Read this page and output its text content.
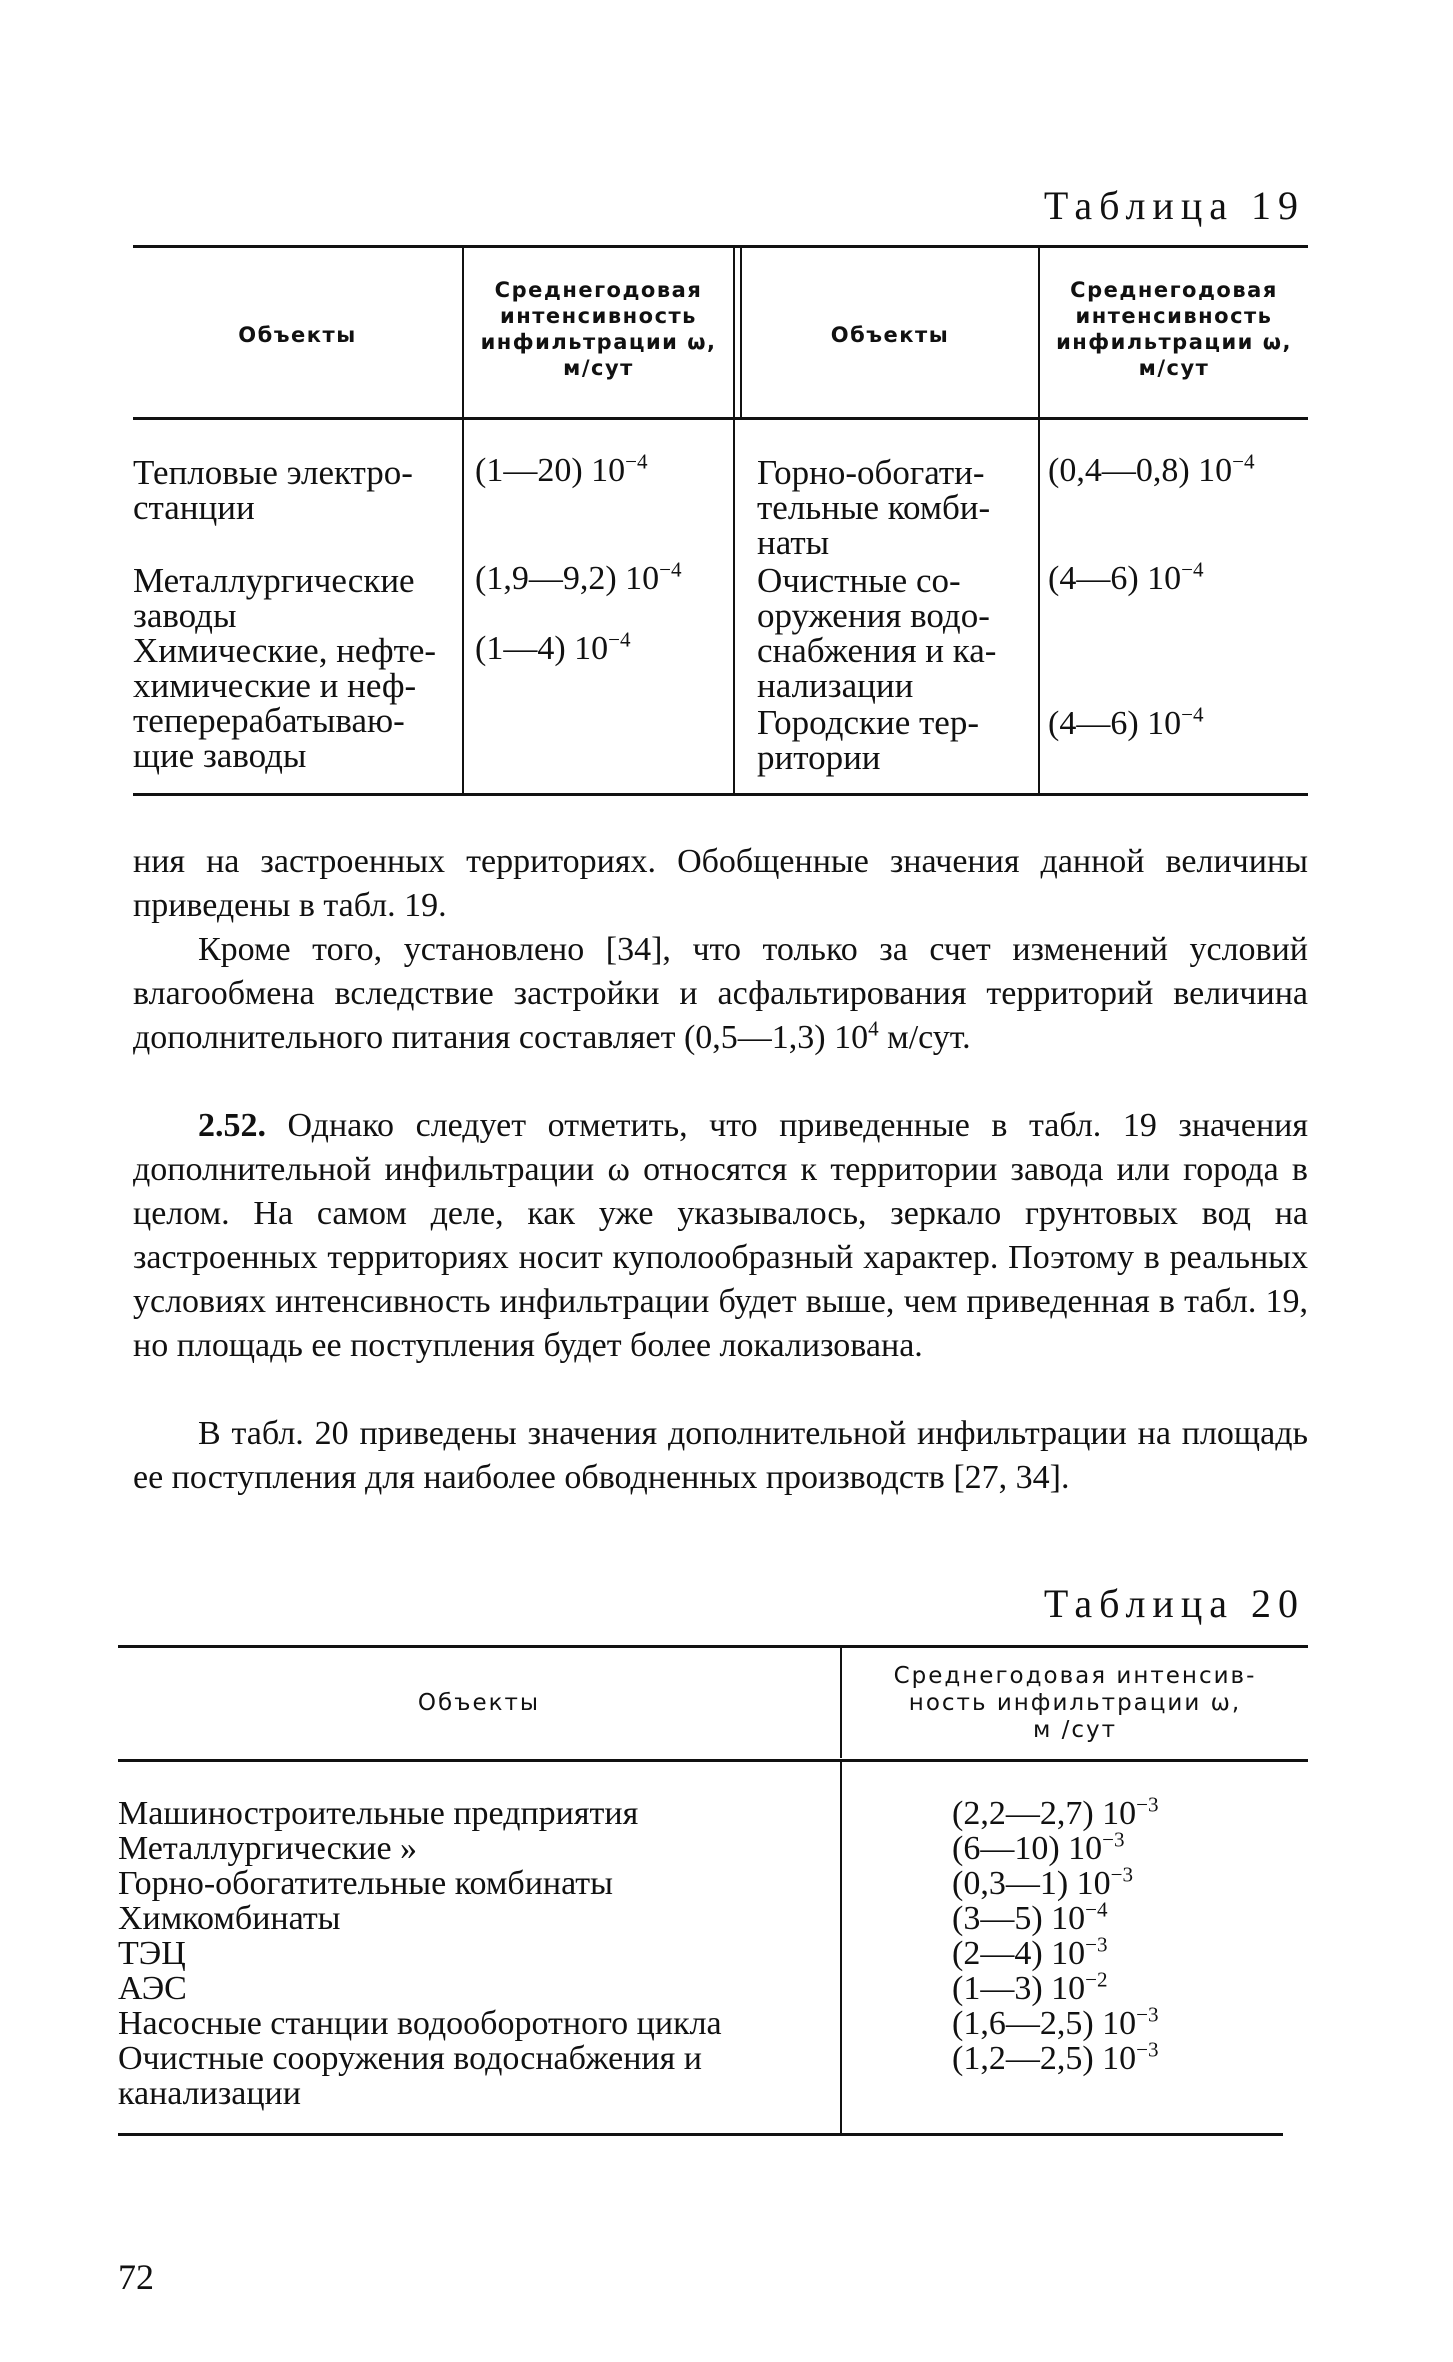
Таблица 19
Объекты
Среднегодовая
интенсивность
инфильтрации ω,
м/сут
Объекты
Среднегодовая
интенсивность
инфильтрации ω,
м/сут
Тепловые электро-
станции
Металлургические
заводы
Химические, нефте-
химические и неф-
теперерабатываю-
щие заводы
(1—20) $10^{-4}$
(1,9—9,2) $10^{-4}$
(1—4) $10^{-4}$
Горно-обогати-
тельные комби-
наты
Очистные со-
оружения водо-
снабжения и ка-
нализации
Городские тер-
ритории
(0,4—0,8) $10^{-4}$
(4—6) $10^{-4}$
(4—6) $10^{-4}$
ния на застроенных территориях. Обобщенные значения данной величины приведены в табл. 19.
Кроме того, установлено [34], что только за счет изменений условий влагообмена вследствие застройки и асфальтирования территорий величина дополнительного питания составляет (0,5—1,3) $10^4$ м/сут.
2.52. Однако следует отметить, что приведенные в табл. 19 значения дополнительной инфильтрации ω относятся к территории завода или города в целом. На самом деле, как уже указывалось, зеркало грунтовых вод на застроенных территориях носит куполообразный характер. Поэтому в реальных условиях интенсивность инфильтрации будет выше, чем приведенная в табл. 19, но площадь ее поступления будет более локализована.
В табл. 20 приведены значения дополнительной инфильтрации на площадь ее поступления для наиболее обводненных производств [27, 34].
Таблица 20
Объекты
Среднегодовая интенсив-
ность инфильтрации ω,
м /сут
Машиностроительные предприятия
Металлургические »
Горно-обогатительные комбинаты
Химкомбинаты
ТЭЦ
АЭС
Насосные станции водооборотного цикла
Очистные сооружения водоснабжения и
канализации
(2,2—2,7) $10^{-3}$
(6—10) $10^{-3}$
(0,3—1) $10^{-3}$
(3—5) $10^{-4}$
(2—4) $10^{-3}$
(1—3) $10^{-2}$
(1,6—2,5) $10^{-3}$
(1,2—2,5) $10^{-3}$
72
